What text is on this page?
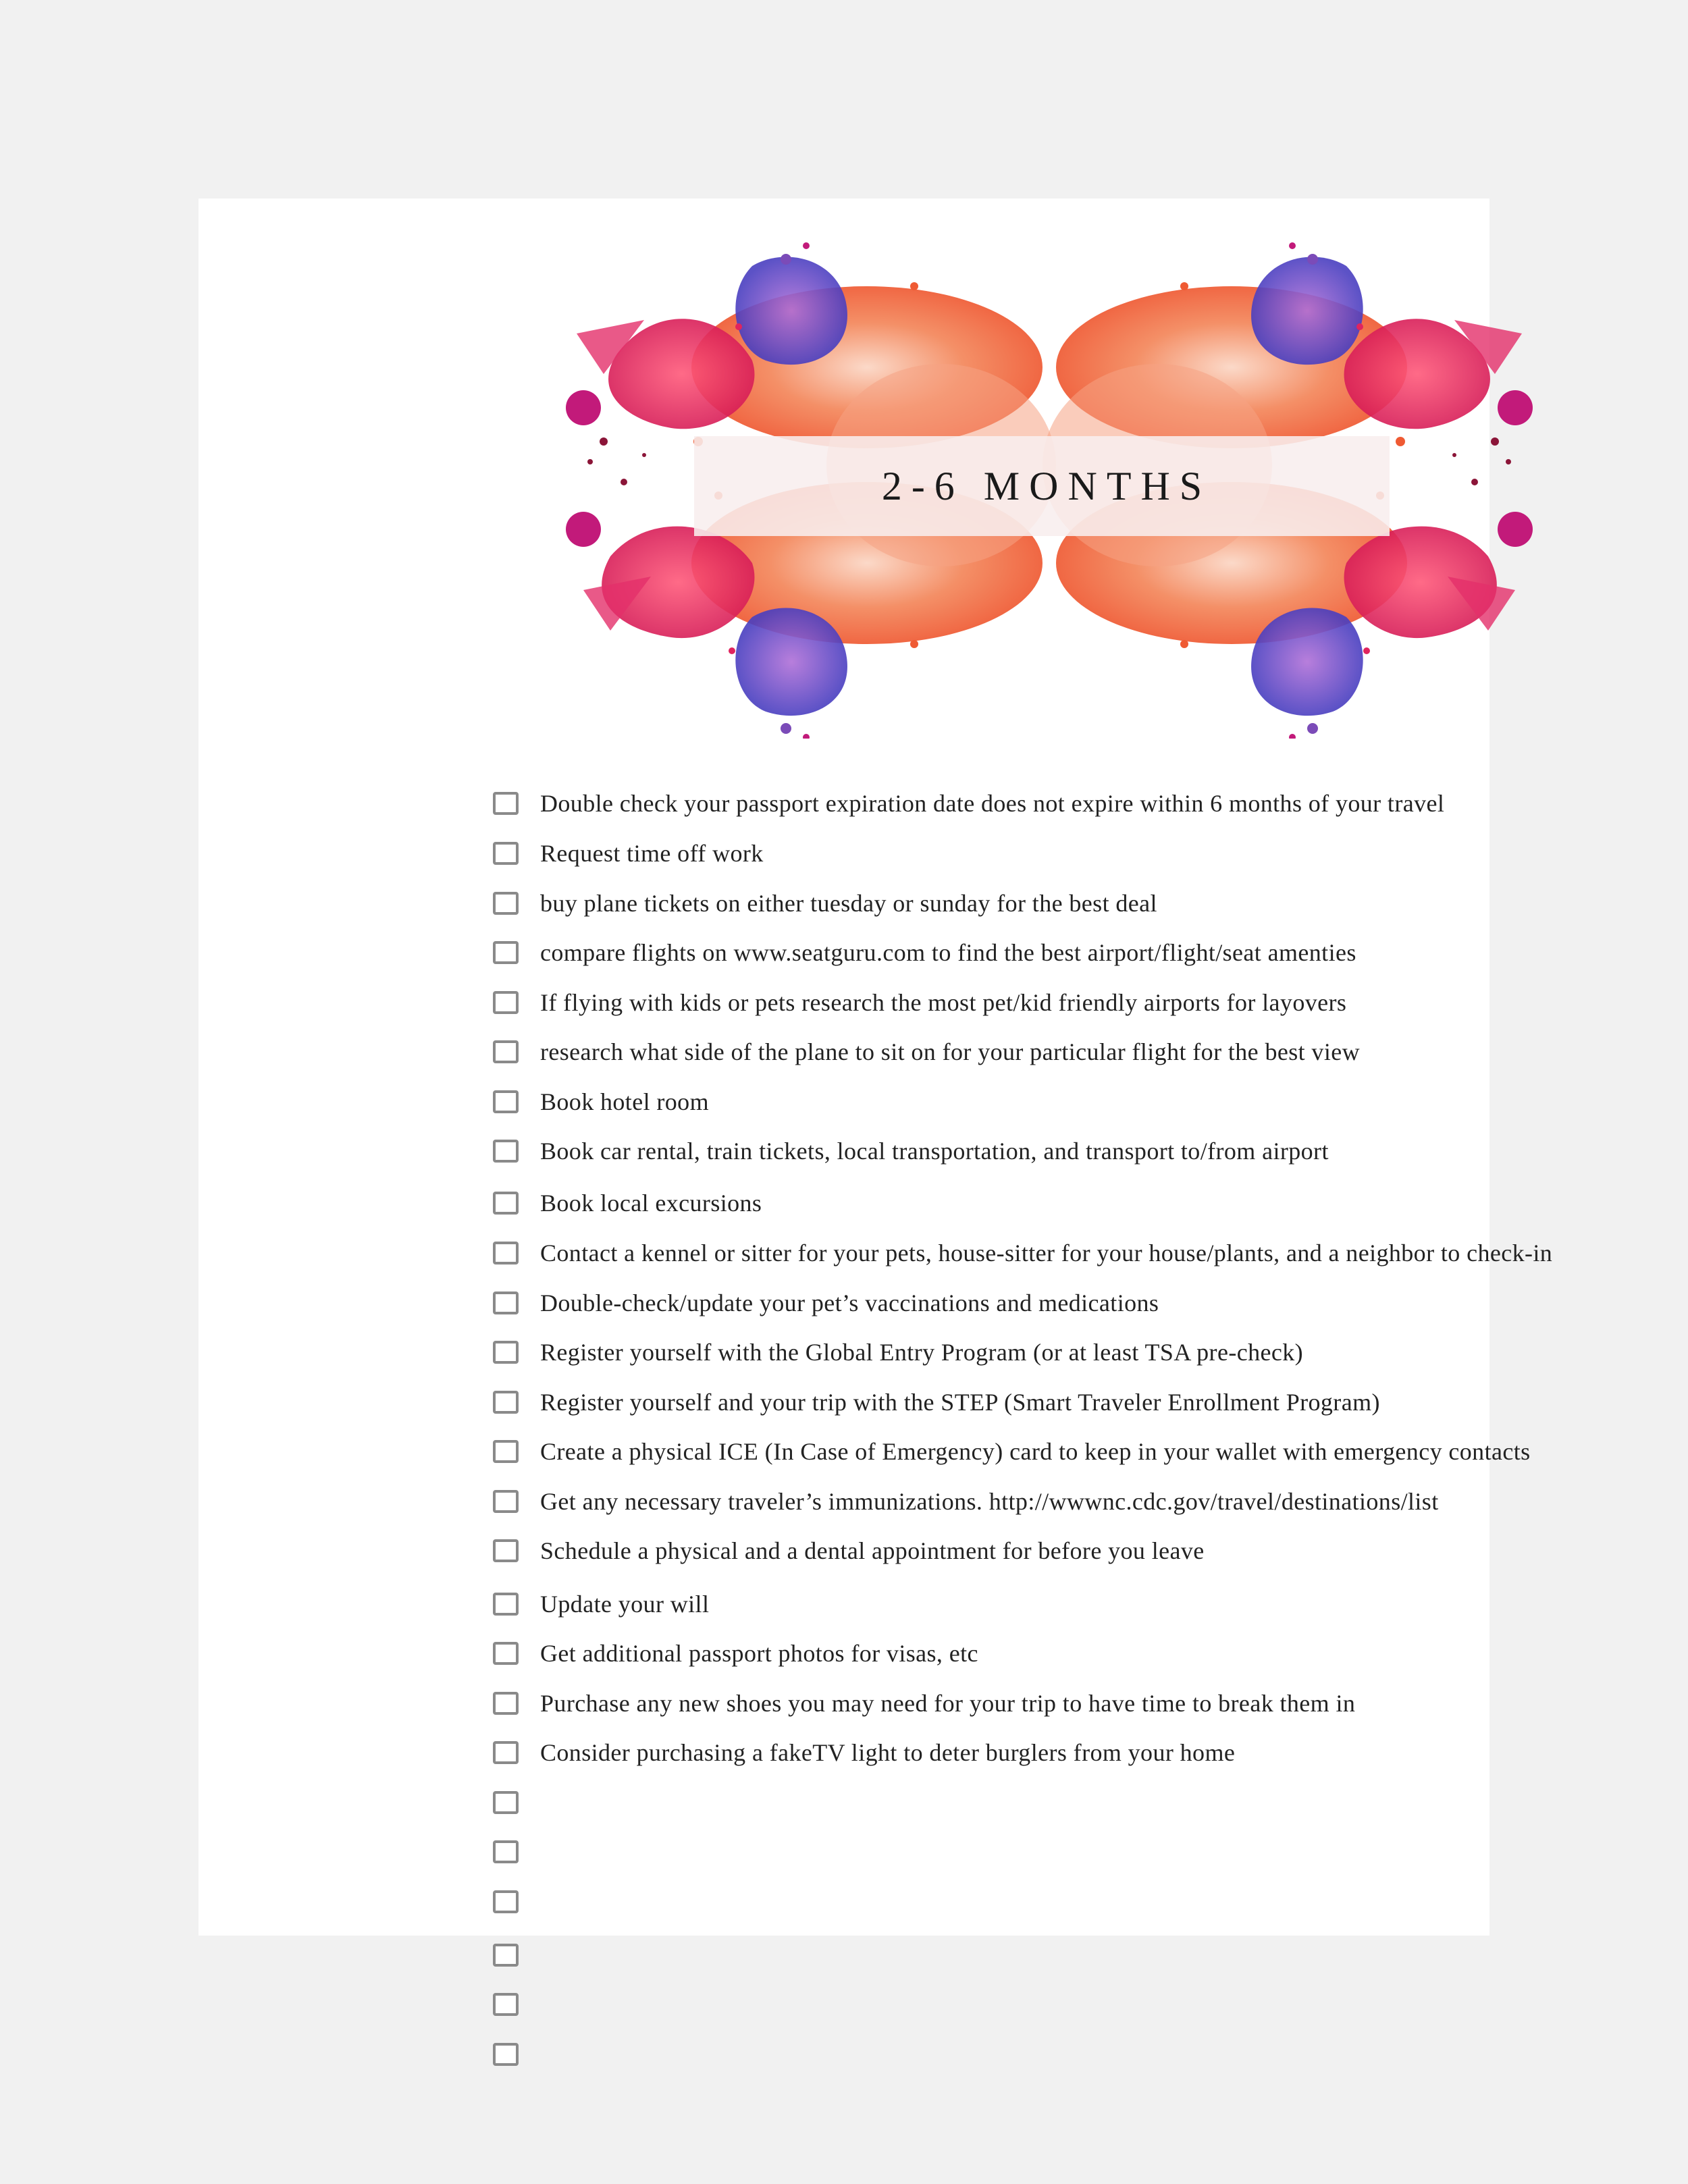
2-6 MONTHS
Double check your passport expiration date does not expire within 6 months of your travel
Request time off work
buy plane tickets on either tuesday or sunday for the best deal
compare flights on www.seatguru.com to find the best airport/flight/seat amenties
If flying with kids or pets research the most pet/kid friendly airports for layovers
research what side of the plane to sit on for your particular flight for the best view
Book hotel room
Book car rental, train tickets, local transportation, and transport to/from airport
Book local excursions
Contact a kennel or sitter for your pets, house-sitter for your house/plants, and a neighbor to check-in
Double-check/update your pet’s vaccinations and medications
Register yourself with the Global Entry Program (or at least TSA pre-check)
Register yourself and your trip with the STEP (Smart Traveler Enrollment Program)
Create a physical ICE (In Case of Emergency) card to keep in your wallet with emergency contacts
Get any necessary traveler’s immunizations. http://wwwnc.cdc.gov/travel/destinations/list
Schedule a physical and a dental appointment for before you leave
Update your will
Get additional passport photos for visas, etc
Purchase any new shoes you may need for your trip to have time to break them in
Consider purchasing a fakeTV light to deter burglers from your home
